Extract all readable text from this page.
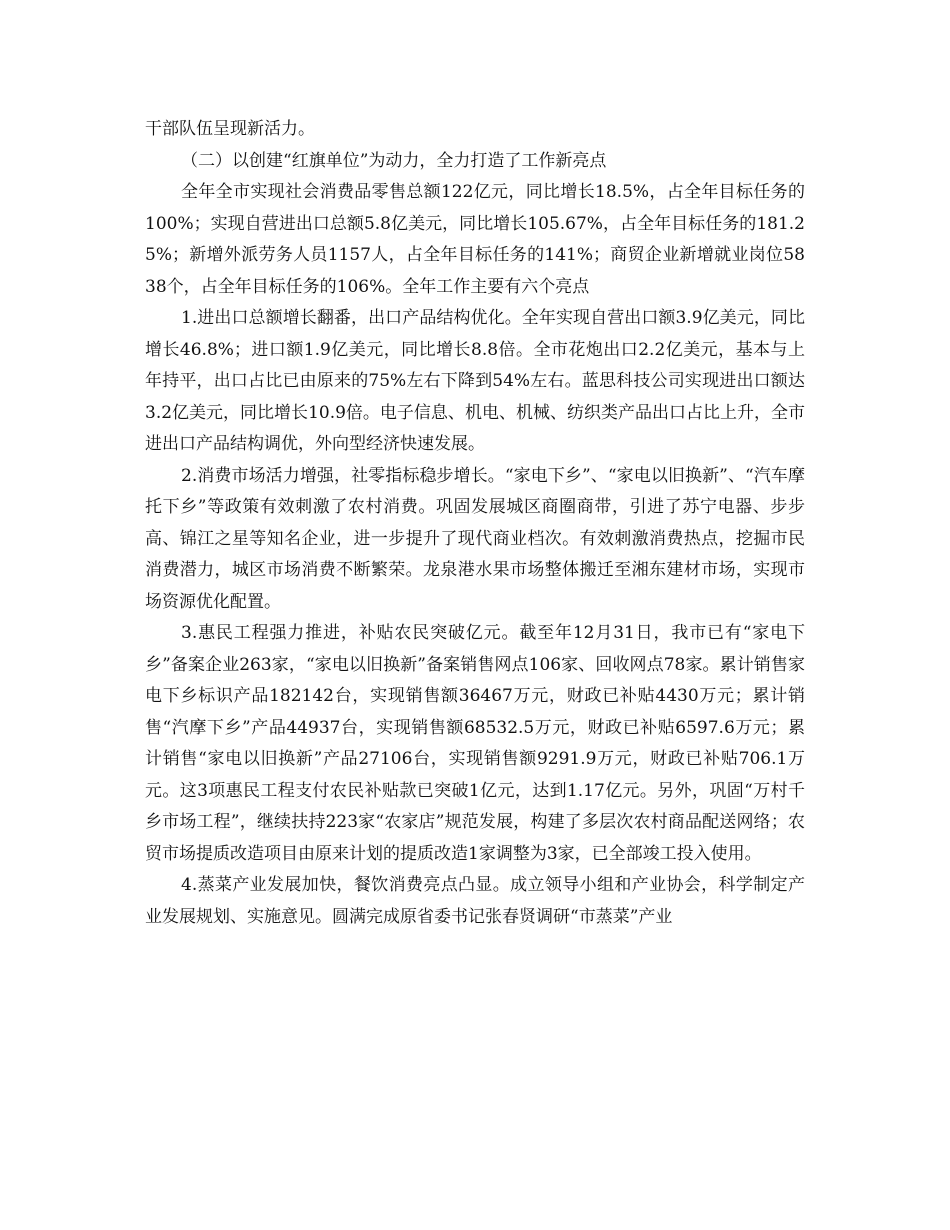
干部队伍呈现新活力。

（二）以创建“红旗单位”为动力，全力打造了工作新亮点

全年全市实现社会消费品零售总额122亿元，同比增长18.5%，占全年目标任务的100%；实现自营进出口总额5.8亿美元，同比增长105.67%，占全年目标任务的181.25%；新增外派劳务人员1157人，占全年目标任务的141%；商贸企业新增就业岗位5838个，占全年目标任务的106%。全年工作主要有六个亮点

1.进出口总额增长翻番，出口产品结构优化。全年实现自营出口额3.9亿美元，同比增长46.8%；进口额1.9亿美元，同比增长8.8倍。全市花炮出口2.2亿美元，基本与上年持平，出口占比已由原来的75%左右下降到54%左右。蓝思科技公司实现进出口额达3.2亿美元，同比增长10.9倍。电子信息、机电、机械、纺织类产品出口占比上升，全市进出口产品结构调优，外向型经济快速发展。

2.消费市场活力增强，社零指标稳步增长。“家电下乡”、“家电以旧换新”、“汽车摩托下乡”等政策有效刺激了农村消费。巩固发展城区商圈商带，引进了苏宁电器、步步高、锦江之星等知名企业，进一步提升了现代商业档次。有效刺激消费热点，挖掘市民消费潜力，城区市场消费不断繁荣。龙泉港水果市场整体搬迁至湘东建材市场，实现市场资源优化配置。

3.惠民工程强力推进，补贴农民突破亿元。截至年12月31日，我市已有“家电下乡”备案企业263家，“家电以旧换新”备案销售网点106家、回收网点78家。累计销售家电下乡标识产品182142台，实现销售额36467万元，财政已补贴4430万元；累计销售“汽摩下乡”产品44937台，实现销售额68532.5万元，财政已补贴6597.6万元；累计销售“家电以旧换新”产品27106台，实现销售额9291.9万元，财政已补贴706.1万元。这3项惠民工程支付农民补贴款已突破1亿元，达到1.17亿元。另外，巩固“万村千乡市场工程”，继续扶持223家“农家店”规范发展，构建了多层次农村商品配送网络；农贸市场提质改造项目由原来计划的提质改造1家调整为3家，已全部竣工投入使用。

4.蒸菜产业发展加快，餐饮消费亮点凸显。成立领导小组和产业协会，科学制定产业发展规划、实施意见。圆满完成原省委书记张春贤调研“市蒸菜”产业
